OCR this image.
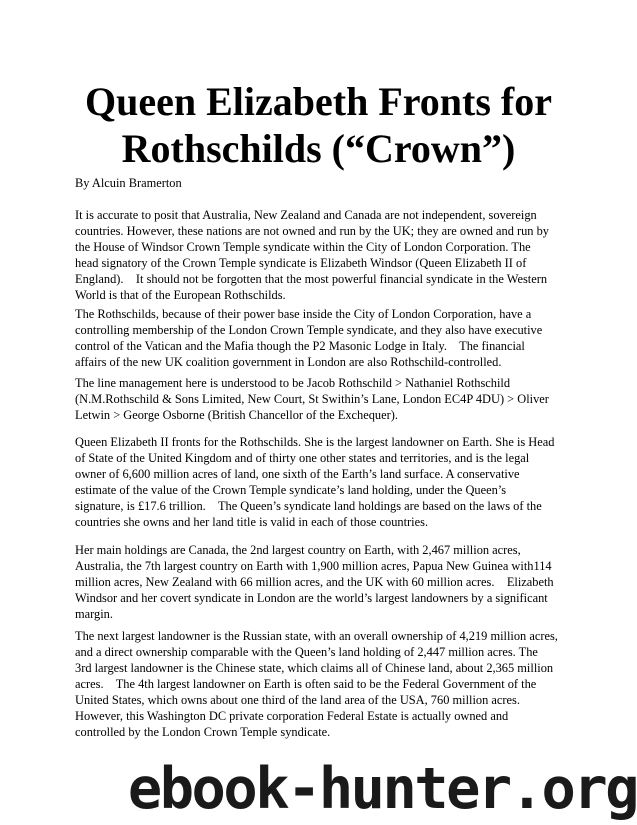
Queen Elizabeth Fronts for
Rothschilds (“Crown”)

By Alcuin Bramerton

It is accurate to posit that Australia, New Zealand and Canada are not independent, sovereign
countries. However, these nations are not owned and run by the UK; they are owned and run by
the House of Windsor Crown Temple syndicate within the City of London Corporation. The
head signatory of the Crown Temple syndicate is Elizabeth Windsor (Queen Elizabeth II of
England).    It should not be forgotten that the most powerful financial syndicate in the Western
World is that of the European Rothschilds.
The Rothschilds, because of their power base inside the City of London Corporation, have a
controlling membership of the London Crown Temple syndicate, and they also have executive
control of the Vatican and the Mafia though the P2 Masonic Lodge in Italy.    The financial
affairs of the new UK coalition government in London are also Rothschild-controlled.
The line management here is understood to be Jacob Rothschild > Nathaniel Rothschild
(N.M.Rothschild & Sons Limited, New Court, St Swithin’s Lane, London EC4P 4DU) > Oliver
Letwin > George Osborne (British Chancellor of the Exchequer).
Queen Elizabeth II fronts for the Rothschilds. She is the largest landowner on Earth. She is Head
of State of the United Kingdom and of thirty one other states and territories, and is the legal
owner of 6,600 million acres of land, one sixth of the Earth’s land surface. A conservative
estimate of the value of the Crown Temple syndicate’s land holding, under the Queen’s
signature, is £17.6 trillion.    The Queen’s syndicate land holdings are based on the laws of the
countries she owns and her land title is valid in each of those countries.
Her main holdings are Canada, the 2nd largest country on Earth, with 2,467 million acres,
Australia, the 7th largest country on Earth with 1,900 million acres, Papua New Guinea with114
million acres, New Zealand with 66 million acres, and the UK with 60 million acres.    Elizabeth
Windsor and her covert syndicate in London are the world’s largest landowners by a significant
margin.
The next largest landowner is the Russian state, with an overall ownership of 4,219 million acres,
and a direct ownership comparable with the Queen’s land holding of 2,447 million acres. The
3rd largest landowner is the Chinese state, which claims all of Chinese land, about 2,365 million
acres.    The 4th largest landowner on Earth is often said to be the Federal Government of the
United States, which owns about one third of the land area of the USA, 760 million acres.
However, this Washington DC private corporation Federal Estate is actually owned and
controlled by the London Crown Temple syndicate.
ebook-hunter.org
